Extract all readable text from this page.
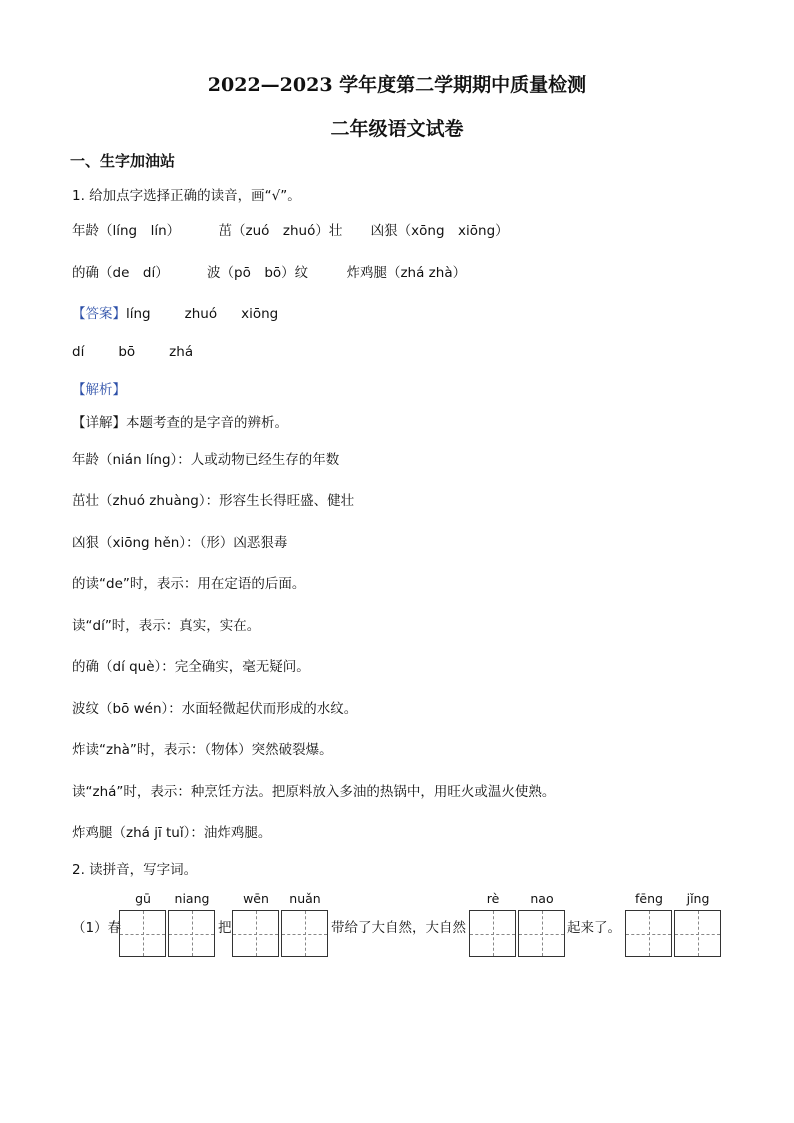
2022—2023 学年度第二学期期中质量检测
二年级语文试卷
一、生字加油站
1. 给加点字选择正确的读音，画“√”。
年龄（líng　lín）	茁（zuó　zhuó）壮 凶狠（xōng　xiōng）
的确（de　dí）	波（pō　bō）纹	炸鸡腿（zhá zhà）
【答案】líng	zhuó xiōng
dí	bō	zhá
【解析】
【详解】本题考查的是字音的辨析。
年龄（nián líng）：人或动物已经生存的年数
茁壮（zhuó zhuàng）：形容生长得旺盛、健壮
凶狠（xiōng hěn）：（形）凶恶狠毒
的读“de”时，表示：用在定语的后面。
读“dí”时，表示：真实，实在。
的确（dí què）：完全确实，毫无疑问。
波纹（bō wén）：水面轻微起伏而形成的水纹。
炸读“zhà”时，表示：（物体）突然破裂爆。
读“zhá”时，表示：种烹饪方法。把原料放入多油的热锅中，用旺火或温火使熟。
炸鸡腿（zhá jī tuǐ）：油炸鸡腿。
2. 读拼音，写字词。
gū	niang	wēn	nuǎn	rè	nao	fēng	jǐng
（1）春	把	带给了大自然，大自然	起来了。
